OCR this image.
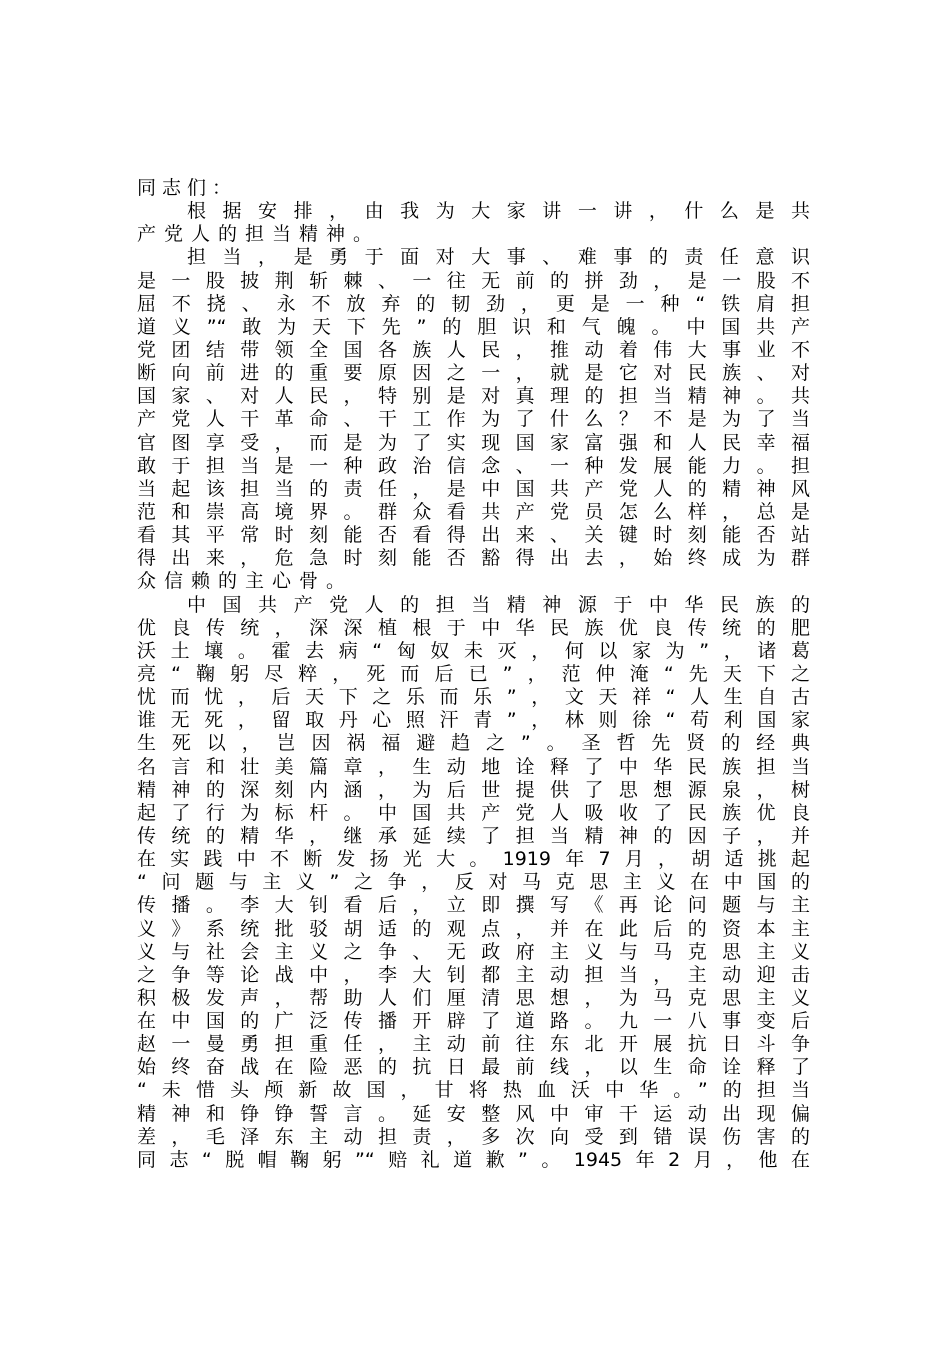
同志们：
根据安排，由我为大家讲一讲，什么是共
产党人的担当精神。
担当，是勇于面对大事、难事的责任意识
是一股披荆斩棘、一往无前的拼劲，是一股不
屈不挠、永不放弃的韧劲，更是一种“铁肩担
道义”“敢为天下先”的胆识和气魄。中国共产
党团结带领全国各族人民，推动着伟大事业不
断向前进的重要原因之一，就是它对民族、对
国家、对人民，特别是对真理的担当精神。共
产党人干革命、干工作为了什么？不是为了当
官图享受，而是为了实现国家富强和人民幸福
敢于担当是一种政治信念、一种发展能力。担
当起该担当的责任，是中国共产党人的精神风
范和崇高境界。群众看共产党员怎么样，总是
看其平常时刻能否看得出来、关键时刻能否站
得出来，危急时刻能否豁得出去，始终成为群
众信赖的主心骨。
中国共产党人的担当精神源于中华民族的
优良传统，深深植根于中华民族优良传统的肥
沃土壤。霍去病“匈奴未灭，何以家为”，诸葛
亮“鞠躬尽粹，死而后已”，范仲淹“先天下之
忧而忧，后天下之乐而乐”，文天祥“人生自古
谁无死，留取丹心照汗青”，林则徐“苟利国家
生死以，岂因祸福避趋之”。圣哲先贤的经典
名言和壮美篇章，生动地诠释了中华民族担当
精神的深刻内涵，为后世提供了思想源泉，树
起了行为标杆。中国共产党人吸收了民族优良
传统的精华，继承延续了担当精神的因子，并
在实践中不断发扬光大。1919年7月，胡适挑起
“问题与主义”之争，反对马克思主义在中国的
传播。李大钊看后，立即撰写《再论问题与主
义》系统批驳胡适的观点，并在此后的资本主
义与社会主义之争、无政府主义与马克思主义
之争等论战中，李大钊都主动担当，主动迎击
积极发声，帮助人们厘清思想，为马克思主义
在中国的广泛传播开辟了道路。九一八事变后
赵一曼勇担重任，主动前往东北开展抗日斗争
始终奋战在险恶的抗日最前线，以生命诠释了
“未惜头颅新故国，甘将热血沃中华。”的担当
精神和铮铮誓言。延安整风中审干运动出现偏
差，毛泽东主动担责，多次向受到错误伤害的
同志“脱帽鞠躬”“赔礼道歉”。1945年2月，他在
